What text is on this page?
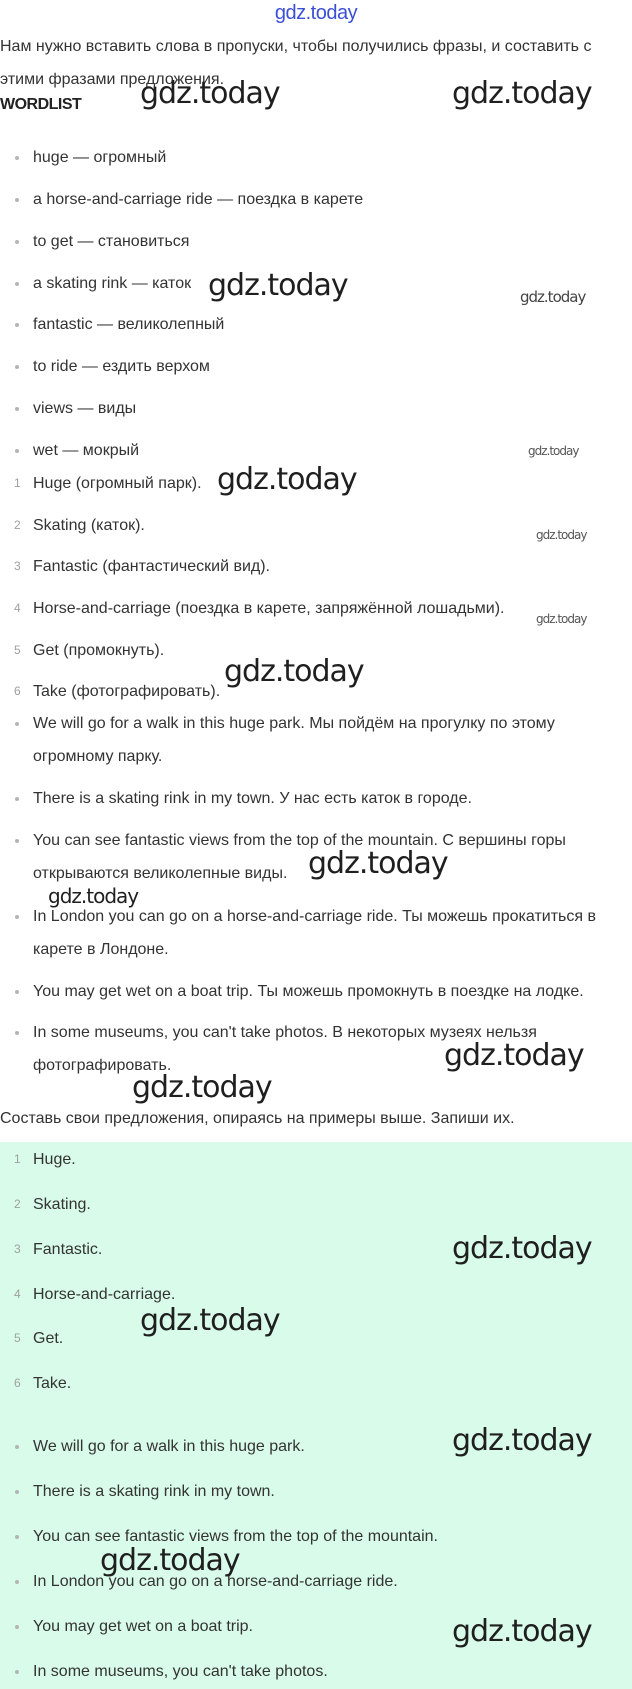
gdz.today
Нам нужно вставить слова в пропуски, чтобы получились фразы, и составить с этими фразами предложения.
WORDLIST
huge — огромный
a horse-and-carriage ride — поездка в карете
to get — становиться
a skating rink — каток
fantastic — великолепный
to ride — ездить верхом
views — виды
wet — мокрый
1 Huge (огромный парк).
2 Skating (каток).
3 Fantastic (фантастический вид).
4 Horse-and-carriage (поездка в карете, запряжённой лошадьми).
5 Get (промокнуть).
6 Take (фотографировать).
We will go for a walk in this huge park. Мы пойдём на прогулку по этому огромному парку.
There is a skating rink in my town. У нас есть каток в городе.
You can see fantastic views from the top of the mountain. С вершины горы открываются великолепные виды.
In London you can go on a horse-and-carriage ride. Ты можешь прокатиться в карете в Лондоне.
You may get wet on a boat trip. Ты можешь промокнуть в поездке на лодке.
In some museums, you can't take photos. В некоторых музеях нельзя фотографировать.
Составь свои предложения, опираясь на примеры выше. Запиши их.
1 Huge.
2 Skating.
3 Fantastic.
4 Horse-and-carriage.
5 Get.
6 Take.
We will go for a walk in this huge park.
There is a skating rink in my town.
You can see fantastic views from the top of the mountain.
In London you can go on a horse-and-carriage ride.
You may get wet on a boat trip.
In some museums, you can't take photos.
gdz.today	gdz.today
gdz.today	gdz.today
gdz.today
gdz.today
gdz.today
gdz.today
gdz.today
gdz.today
gdz.today
gdz.today
gdz.today
gdz.today
gdz.today
gdz.today
gdz.today
gdz.today
